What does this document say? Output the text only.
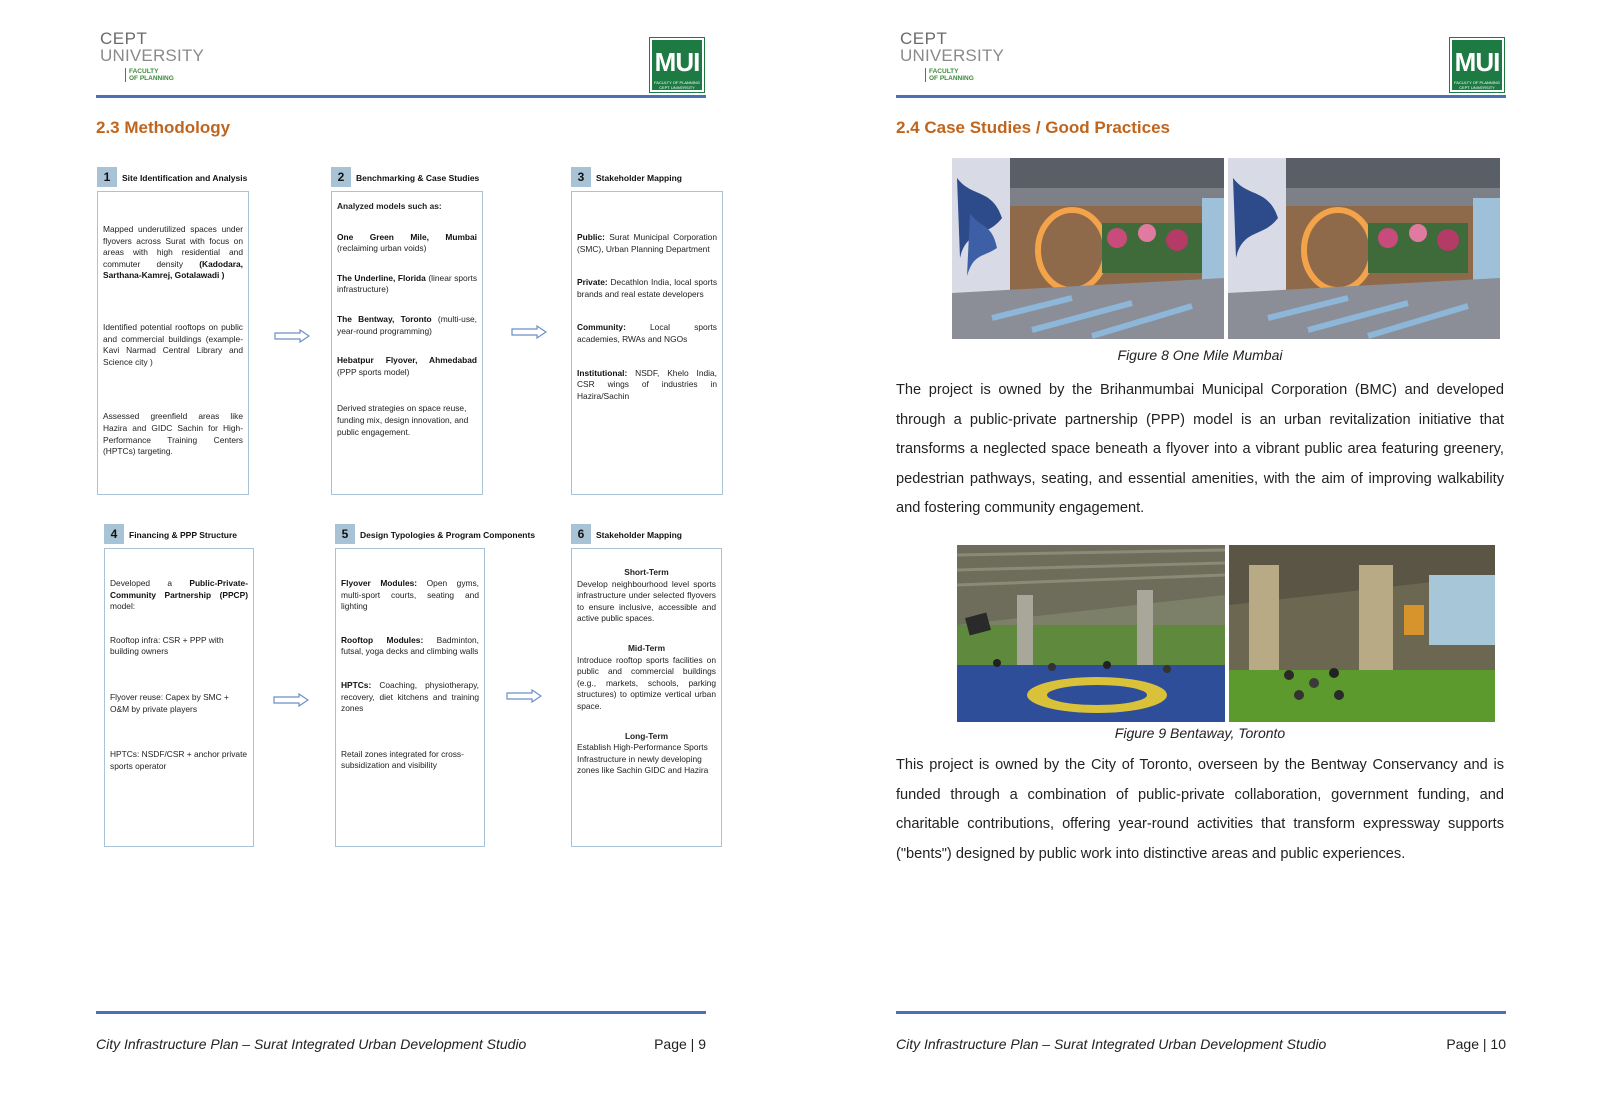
CEPT
UNIVERSITY
FACULTY
OF PLANNING
MUI
FACULTY OF PLANNING
CEPT UNIVERSITY
2.3 Methodology
1	Site Identification and Analysis

Mapped underutilized spaces under flyovers across Surat with focus on areas with high residential and commuter density (Kadodara, Sarthana-Kamrej, Gotalawadi )

Identified potential rooftops on public and commercial buildings (example-Kavi Narmad Central Library and Science city )

Assessed greenfield areas like Hazira and GIDC Sachin for High-Performance Training Centers (HPTCs) targeting.

2	Benchmarking & Case Studies

Analyzed models such as:

One Green Mile, Mumbai (reclaiming urban voids)

The Underline, Florida (linear sports infrastructure)

The Bentway, Toronto (multi-use, year-round programming)

Hebatpur Flyover, Ahmedabad (PPP sports model)

Derived strategies on space reuse, funding mix, design innovation, and public engagement.

3	Stakeholder Mapping

Public: Surat Municipal Corporation (SMC), Urban Planning Department

Private: Decathlon India, local sports brands and real estate developers

Community:	Local sports academies, RWAs and NGOs

Institutional: NSDF, Khelo India, CSR wings of industries in Hazira/Sachin

4	Financing & PPP Structure

Developed a Public-Private-Community Partnership (PPCP) model:

Rooftop infra: CSR + PPP with building owners

Flyover reuse: Capex by SMC + O&M by private players

HPTCs: NSDF/CSR + anchor private sports operator

5	Design Typologies & Program Components

Flyover Modules: Open gyms, multi-sport courts, seating and lighting

Rooftop Modules: Badminton, futsal, yoga decks and climbing walls

HPTCs: Coaching, physiotherapy, recovery, diet kitchens and training zones

Retail zones integrated for cross-subsidization and visibility

6	Stakeholder Mapping
Short-Term

Develop neighbourhood level sports infrastructure under selected flyovers to ensure inclusive, accessible and active public spaces.

Mid-Term

Introduce rooftop sports facilities on public and commercial buildings (e.g., markets, schools, parking structures) to optimize vertical urban space.

Long-Term

Establish High-Performance Sports Infrastructure in newly developing zones like Sachin GIDC and Hazira

City Infrastructure Plan – Surat Integrated Urban Development Studio	Page | 9
CEPT
UNIVERSITY
FACULTY
OF PLANNING
MUI
FACULTY OF PLANNING
CEPT UNIVERSITY
2.4 Case Studies / Good Practices
City Infrastructure Plan – Surat Integrated Urban Development Studio	Page | 10
Figure 8 One Mile Mumbai
The project is owned by the Brihanmumbai Municipal Corporation (BMC) and developed through a public-private partnership (PPP) model is an urban revitalization initiative that transforms a neglected space beneath a flyover into a vibrant public area featuring greenery, pedestrian pathways, seating, and essential amenities, with the aim of improving walkability and fostering community engagement.
Figure 9 Bentaway, Toronto
This project is owned by the City of Toronto, overseen by the Bentway Conservancy and is funded through a combination of public-private collaboration, government funding, and charitable contributions, offering year-round activities that transform expressway supports ("bents") designed by public work into distinctive areas and public experiences.
